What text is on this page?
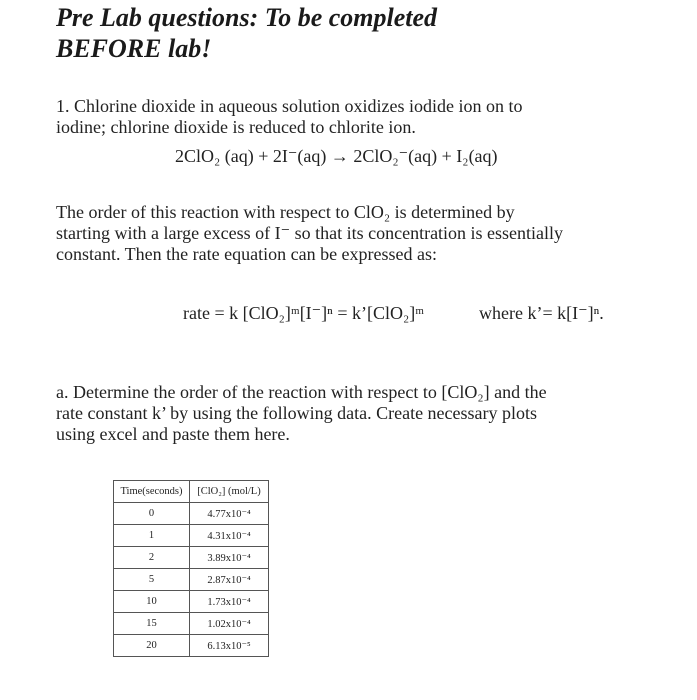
Pre Lab questions: To be completed
BEFORE lab!
1. Chlorine dioxide in aqueous solution oxidizes iodide ion on to
iodine; chlorine dioxide is reduced to chlorite ion.
2ClO₂ (aq) + 2I⁻(aq) → 2ClO₂⁻(aq) + I₂(aq)
The order of this reaction with respect to ClO₂ is determined by
starting with a large excess of I⁻ so that its concentration is essentially
constant. Then the rate equation can be expressed as:
rate = k [ClO₂]ᵐ[I⁻]ⁿ = k’[ClO₂]ᵐ	where k’= k[I⁻]ⁿ.
a. Determine the order of the reaction with respect to [ClO₂] and the
rate constant k’ by using the following data. Create necessary plots
using excel and paste them here.
Time(seconds)	[ClO₂] (mol/L)
0	4.77x10⁻⁴
1	4.31x10⁻⁴
2	3.89x10⁻⁴
5	2.87x10⁻⁴
10	1.73x10⁻⁴
15	1.02x10⁻⁴
20	6.13x10⁻⁵
